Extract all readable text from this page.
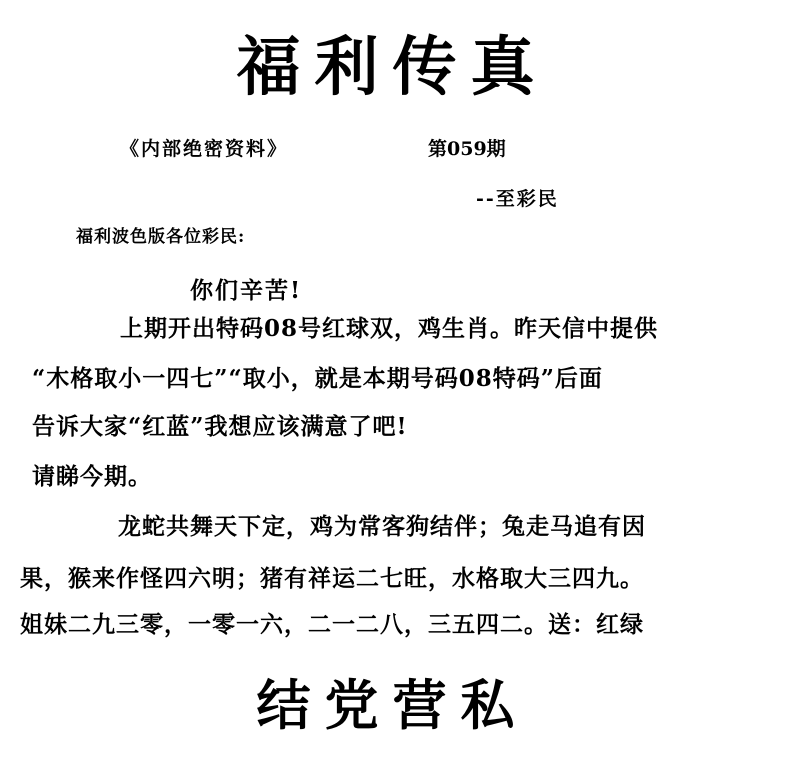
福利传真
《内部绝密资料》	第059期
--至彩民
福利波色版各位彩民:
你们辛苦!
上期开出特码08号红球双，鸡生肖。昨天信中提供
“木格取小一四七”“取小，就是本期号码08特码”后面
告诉大家“红蓝”我想应该满意了吧!
请睇今期。
龙蛇共舞天下定，鸡为常客狗结伴；兔走马追有因
果，猴来作怪四六明；猪有祥运二七旺，水格取大三四九。
姐妹二九三零，一零一六，二一二八，三五四二。送：红绿
结党营私
